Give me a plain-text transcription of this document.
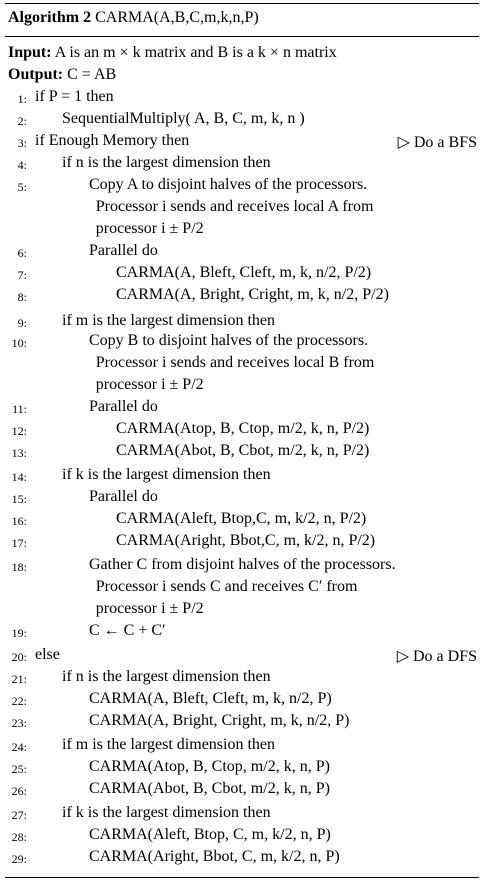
Algorithm 2 CARMA(A,B,C,m,k,n,P)
Input: A is an m × k matrix and B is a k × n matrix
Output: C = AB
1: if P = 1 then
2: SequentialMultiply( A, B, C, m, k, n )
3: if Enough Memory then	▷ Do a BFS
4: if n is the largest dimension then
5:	Copy A to disjoint halves of the processors.
Processor i sends and receives local A from
processor i ± P/2
6:	Parallel do
7:	CARMA(A, Bleft, Cleft, m, k, n/2, P/2)
8:	CARMA(A, Bright, Cright, m, k, n/2, P/2)
9: if m is the largest dimension then
10:	Copy B to disjoint halves of the processors.
Processor i sends and receives local B from
processor i ± P/2
11:	Parallel do
12:	CARMA(Atop, B, Ctop, m/2, k, n, P/2)
13:	CARMA(Abot, B, Cbot, m/2, k, n, P/2)
14: if k is the largest dimension then
15:	Parallel do
16:	CARMA(Aleft, Btop,C, m, k/2, n, P/2)
17:	CARMA(Aright, Bbot,C, m, k/2, n, P/2)
18:	Gather C from disjoint halves of the processors.
Processor i sends C and receives C′ from
processor i ± P/2
19:	C ← C + C′
20: else	▷ Do a DFS
21: if n is the largest dimension then
22:	CARMA(A, Bleft, Cleft, m, k, n/2, P)
23:	CARMA(A, Bright, Cright, m, k, n/2, P)
24: if m is the largest dimension then
25:	CARMA(Atop, B, Ctop, m/2, k, n, P)
26:	CARMA(Abot, B, Cbot, m/2, k, n, P)
27: if k is the largest dimension then
28:	CARMA(Aleft, Btop, C, m, k/2, n, P)
29:	CARMA(Aright, Bbot, C, m, k/2, n, P)
